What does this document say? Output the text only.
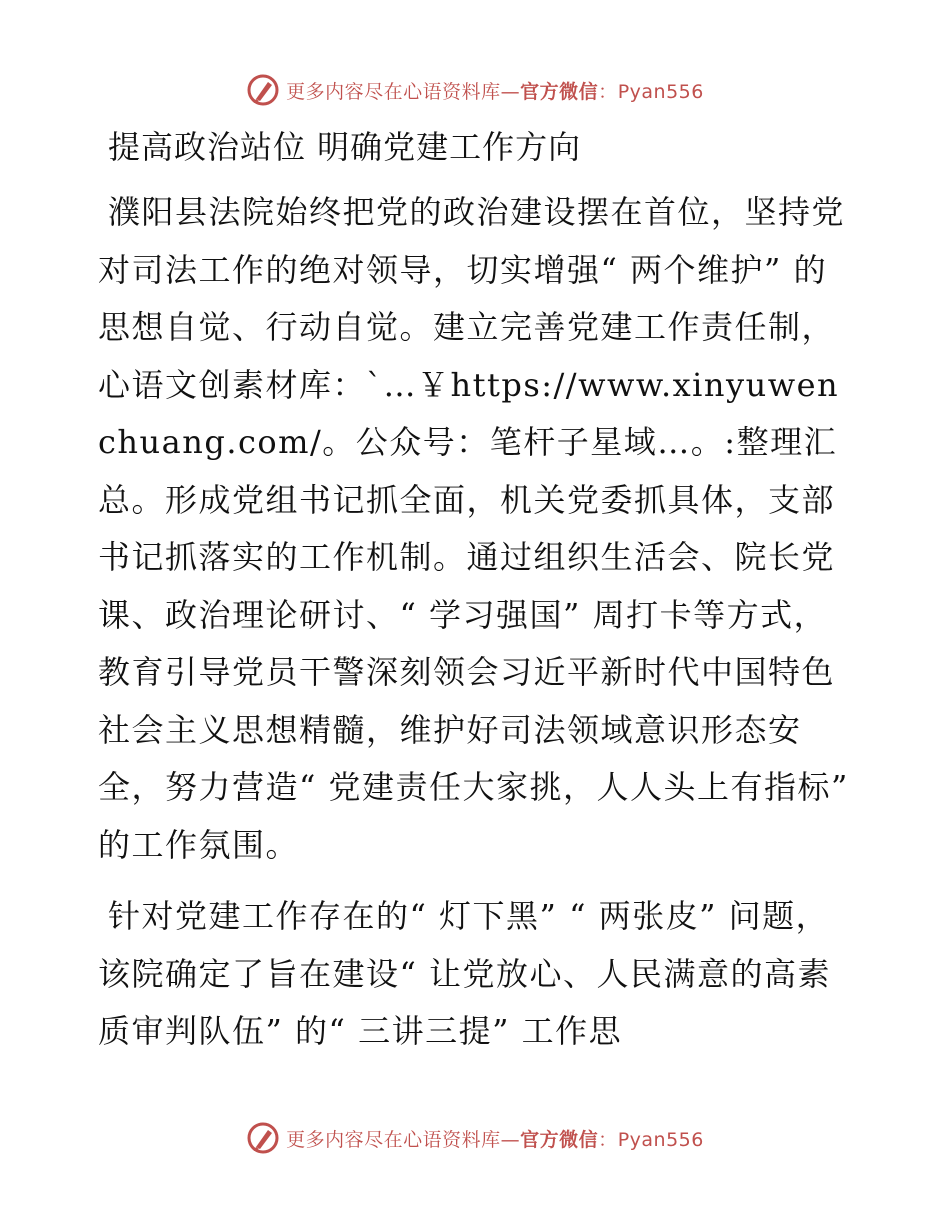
更多内容尽在心语资料库—官方微信：Pyan556
提高政治站位 明确党建工作方向

濮阳县法院始终把党的政治建设摆在首位，坚持党对司法工作的绝对领导，切实增强“ 两个维护” 的思想自觉、行动自觉。建立完善党建工作责任制，心语文创素材库：`…￥https://www.xinyuwenchuang.com/。公众号：笔杆子星域…。:整理汇总。形成党组书记抓全面，机关党委抓具体，支部书记抓落实的工作机制。通过组织生活会、院长党课、政治理论研讨、“ 学习强国” 周打卡等方式，教育引导党员干警深刻领会习近平新时代中国特色社会主义思想精髓，维护好司法领域意识形态安全，努力营造“ 党建责任大家挑，人人头上有指标” 的工作氛围。

针对党建工作存在的“ 灯下黑” “ 两张皮” 问题，该院确定了旨在建设“ 让党放心、人民满意的高素质审判队伍” 的“ 三讲三提” 工作思

更多内容尽在心语资料库—官方微信：Pyan556
